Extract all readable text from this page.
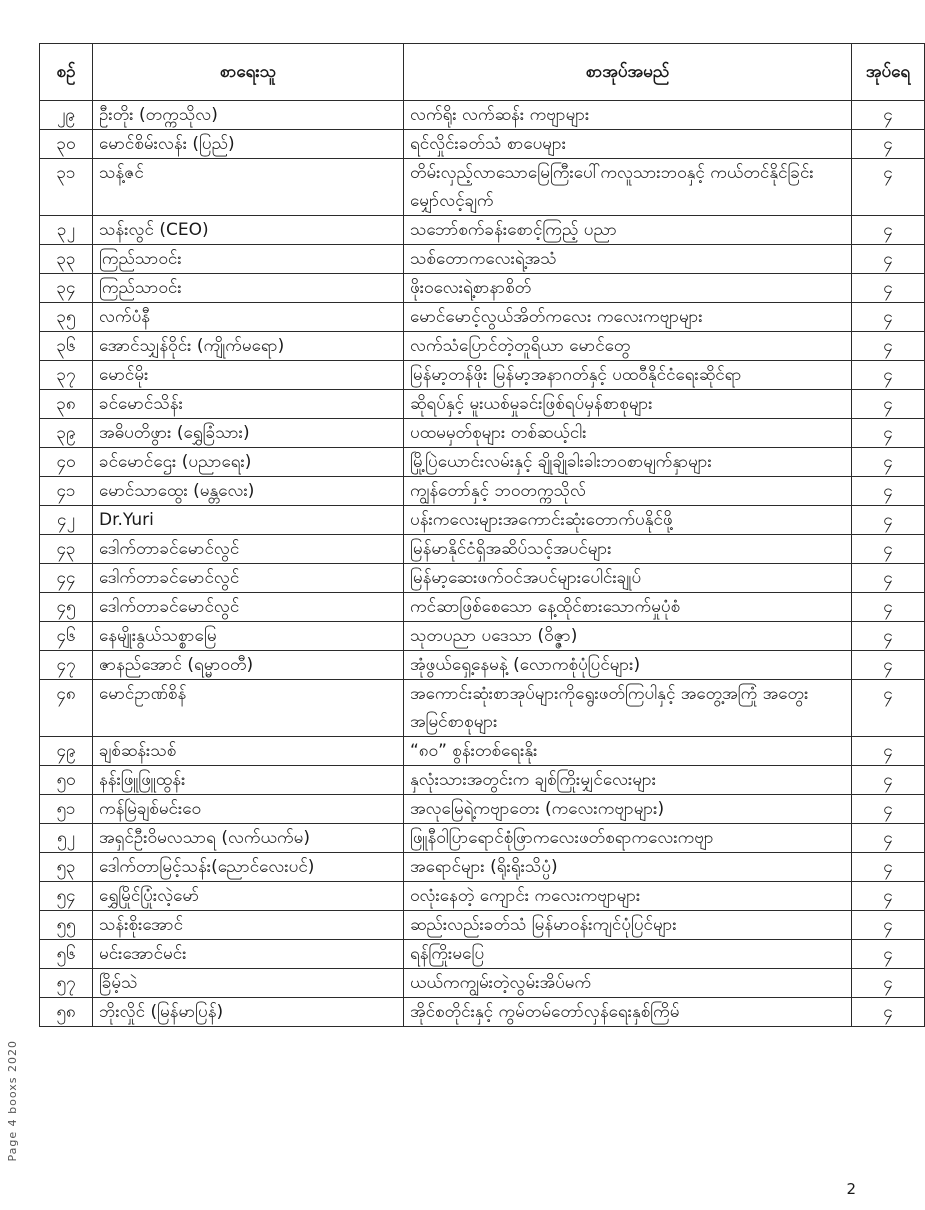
စဉ်	စာရေးသူ	စာအုပ်အမည်	အုပ်ရေ
၂၉	ဦးတိုး (တက္ကသိုလ)	လက်ရိုး လက်ဆန်း ကဗျာများ	၄
၃၀	မောင်စိမ်းလန်း (ပြည်)	ရင်လှိုင်းခတ်သံ စာပေများ	၄
၃၁	သန့်ဇင်	တိမ်းလှည့်လာသောမြေကြီးပေါ်ကလူသားဘဝနှင့် ကယ်တင်နိုင်ခြင်း မျှော်လင့်ချက်	၄
၃၂	သန်းလွင် (CEO)	သဘော်စက်ခန်းစောင့်ကြည့် ပညာ	၄
၃၃	ကြည်သာဝင်း	သစ်တောကလေးရဲ့အသံ	၄
၃၄	ကြည်သာဝင်း	ဖိုးဝလေးရဲ့စာနာစိတ်	၄
၃၅	လက်ပံနီ	မောင်မောင့်လွယ်အိတ်ကလေး ကလေးကဗျာများ	၄
၃၆	အောင်သျှန်ဝိုင်း (ကျိုက်မရော)	လက်သံပြောင်တဲ့တူရိယာ မောင်တွေ	၄
၃၇	မောင်မိုး	မြန်မာ့တန်ဖိုး မြန်မာ့အနာဂတ်နှင့် ပထဝီနိုင်ငံရေးဆိုင်ရာ	၄
၃၈	ခင်မောင်သိန်း	ဆိုရပ်နှင့် မူးယစ်မှုခင်းဖြစ်ရပ်မှန်စာစုများ	၄
၃၉	အဓိပတိဖွား (ရွှေခြံသား)	ပထမမှတ်စုများ တစ်ဆယ့်ငါး	၄
၄၀	ခင်မောင်ဌေး (ပညာရေး)	မြို့ပြဲယောင်းလမ်းနှင့် ချိုချိုခါးခါးဘဝစာမျက်နှာများ	၄
၄၁	မောင်သာထွေး (မန္တလေး)	ကျွန်တော်နှင့် ဘဝတက္ကသိုလ်	၄
၄၂	Dr.Yuri	ပန်းကလေးများအကောင်းဆုံးတောက်ပနိုင်ဖို့	၄
၄၃	ဒေါက်တာခင်မောင်လွင်	မြန်မာနိုင်ငံရှိအဆိပ်သင့်အပင်များ	၄
၄၄	ဒေါက်တာခင်မောင်လွင်	မြန်မာ့ဆေးဖက်ဝင်အပင်များပေါင်းချုပ်	၄
၄၅	ဒေါက်တာခင်မောင်လွင်	ကင်ဆာဖြစ်စေသော နေ့ထိုင်စားသောက်မှုပုံစံ	၄
၄၆	နေမျိုးနွယ်သစ္စာမြေ	သုတပညာ ပဒေသာ (ဝိဇ္ဇာ)	၄
၄၇	ဇာနည်အောင် (ရမ္မာဝတီ)	အုံဖွယ်ရှေ့နေမနဲ့ (လောကစုံပုံပြင်များ)	၄
၄၈	မောင်ဥာဏ်စိန်	အကောင်းဆုံးစာအုပ်များကိုရွေးဖတ်ကြပါနှင့် အတွေ့အကြုံ အတွေးအမြင်စာစုများ	၄
၄၉	ချစ်ဆန်းသစ်	“၈၀” စွန်းတစ်ရေးနိုး	၄
၅၀	နန်းဖြူဖြူထွန်း	နှလုံးသားအတွင်းက ချစ်ကြိုးမျှင်လေးများ	၄
၅၁	ကန်မြဲချစ်မင်းဝေ	အလုမြေရဲ့ကဗျာတေး (ကလေးကဗျာများ)	၄
၅၂	အရှင်ဦးဝိမလသာရ (လက်ယက်မ)	ဖြူနီဝါပြာရောင်စုံဖြာကလေးဖတ်စရာကလေးကဗျာ	၄
၅၃	ဒေါက်တာမြင့်သန်း(ညောင်လေးပင်)	အရောင်များ (ရိုးရိုးသိပ္ပံ)	၄
၅၄	ရွှေမြိုင်ပြုံးလဲ့မော်	ဝလုံးနေတဲ့ ကျောင်း ကလေးကဗျာများ	၄
၅၅	သန်းစိုးအောင်	ဆည်းလည်းခတ်သံ မြန်မာဝန်းကျင်ပုံပြင်များ	၄
၅၆	မင်းအောင်မင်း	ရန်ကြိုးမပြေ	၄
၅၇	ခြိမ့်သဲ	ယယ်ကကျွမ်းတဲ့လွမ်းအိပ်မက်	၄
၅၈	ဘိုးလှိုင် (မြန်မာပြန်)	အိုင်စတိုင်းနှင့် ကွမ်တမ်တော်လှန်ရေးနှစ်ကြိမ်	၄
Page 4 booxs 2020
2
